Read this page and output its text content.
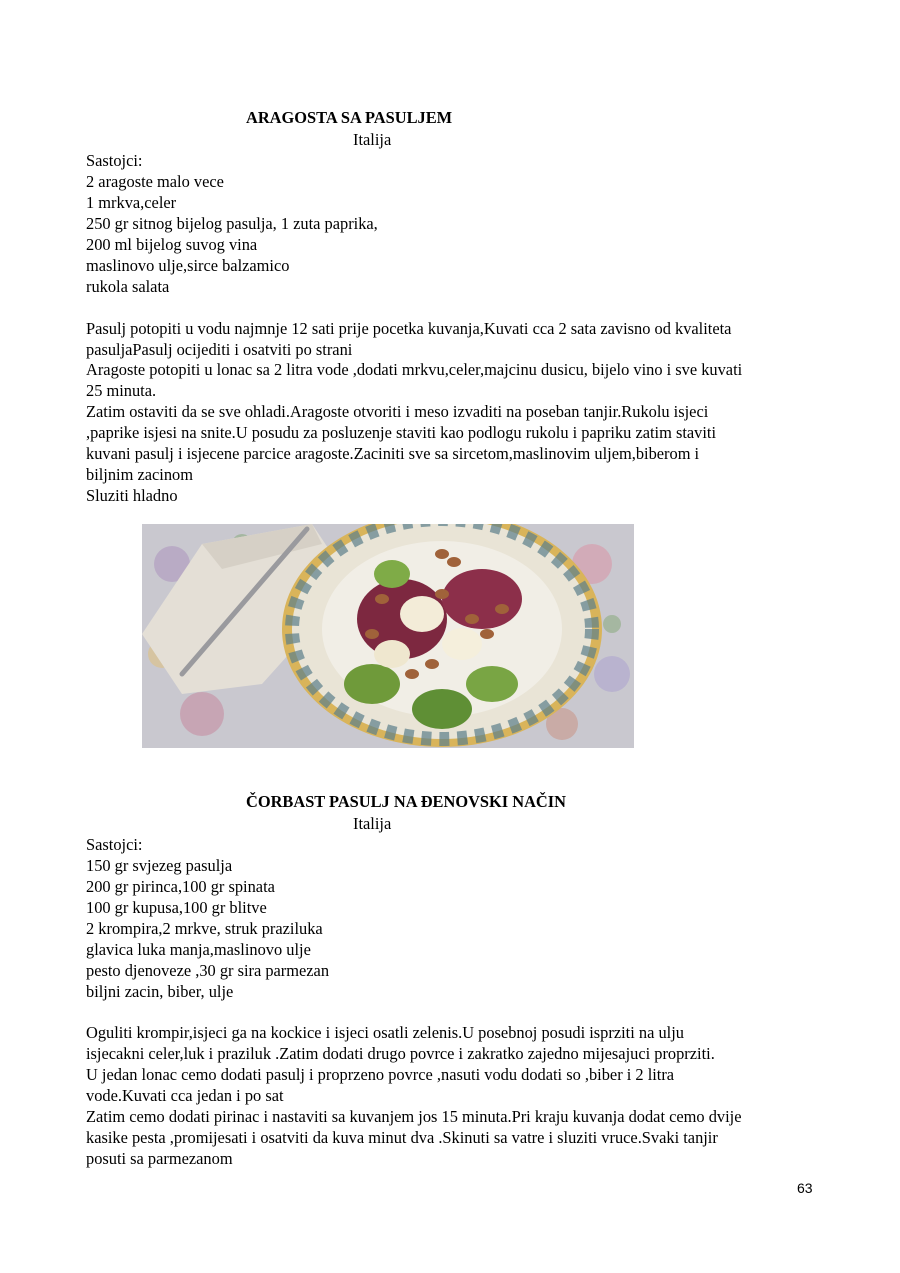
ARAGOSTA SA PASULJEM
Italija
Sastojci:
2 aragoste malo vece
1 mrkva,celer
250 gr sitnog bijelog pasulja, 1 zuta paprika,
200 ml bijelog suvog vina
maslinovo ulje,sirce balzamico
rukola salata
Pasulj potopiti u vodu najmnje 12 sati prije pocetka kuvanja,Kuvati cca 2 sata zavisno od kvaliteta
pasuljaPasulj ocijediti i osatviti po strani
Aragoste potopiti u lonac sa 2 litra vode ,dodati mrkvu,celer,majcinu dusicu, bijelo vino i sve kuvati
25 minuta.
Zatim ostaviti da se sve ohladi.Aragoste otvoriti i meso izvaditi na poseban tanjir.Rukolu isjeci
,paprike isjesi na snite.U posudu za posluzenje staviti kao podlogu rukolu i papriku zatim staviti
kuvani pasulj i isjecene parcice aragoste.Zaciniti sve sa sircetom,maslinovim uljem,biberom i
biljnim zacinom
Sluziti hladno
ČORBAST PASULJ NA ĐENOVSKI NAČIN
Italija
Sastojci:
150 gr svjezeg pasulja
200 gr pirinca,100 gr spinata
100 gr kupusa,100 gr blitve
2 krompira,2 mrkve, struk praziluka
glavica luka manja,maslinovo ulje
pesto djenoveze ,30 gr sira parmezan
biljni zacin, biber, ulje
Oguliti krompir,isjeci ga na kockice i isjeci osatli zelenis.U posebnoj posudi isprziti na ulju
isjecakni celer,luk i praziluk .Zatim dodati drugo povrce i zakratko zajedno mijesajuci proprziti.
U jedan lonac cemo dodati pasulj i proprzeno povrce ,nasuti vodu dodati so ,biber i 2 litra
vode.Kuvati cca jedan i po sat
Zatim cemo dodati pirinac i nastaviti sa kuvanjem jos 15 minuta.Pri kraju kuvanja dodat cemo dvije
kasike pesta ,promijesati i osatviti da kuva minut dva .Skinuti sa vatre i sluziti vruce.Svaki tanjir
posuti sa parmezanom
63
